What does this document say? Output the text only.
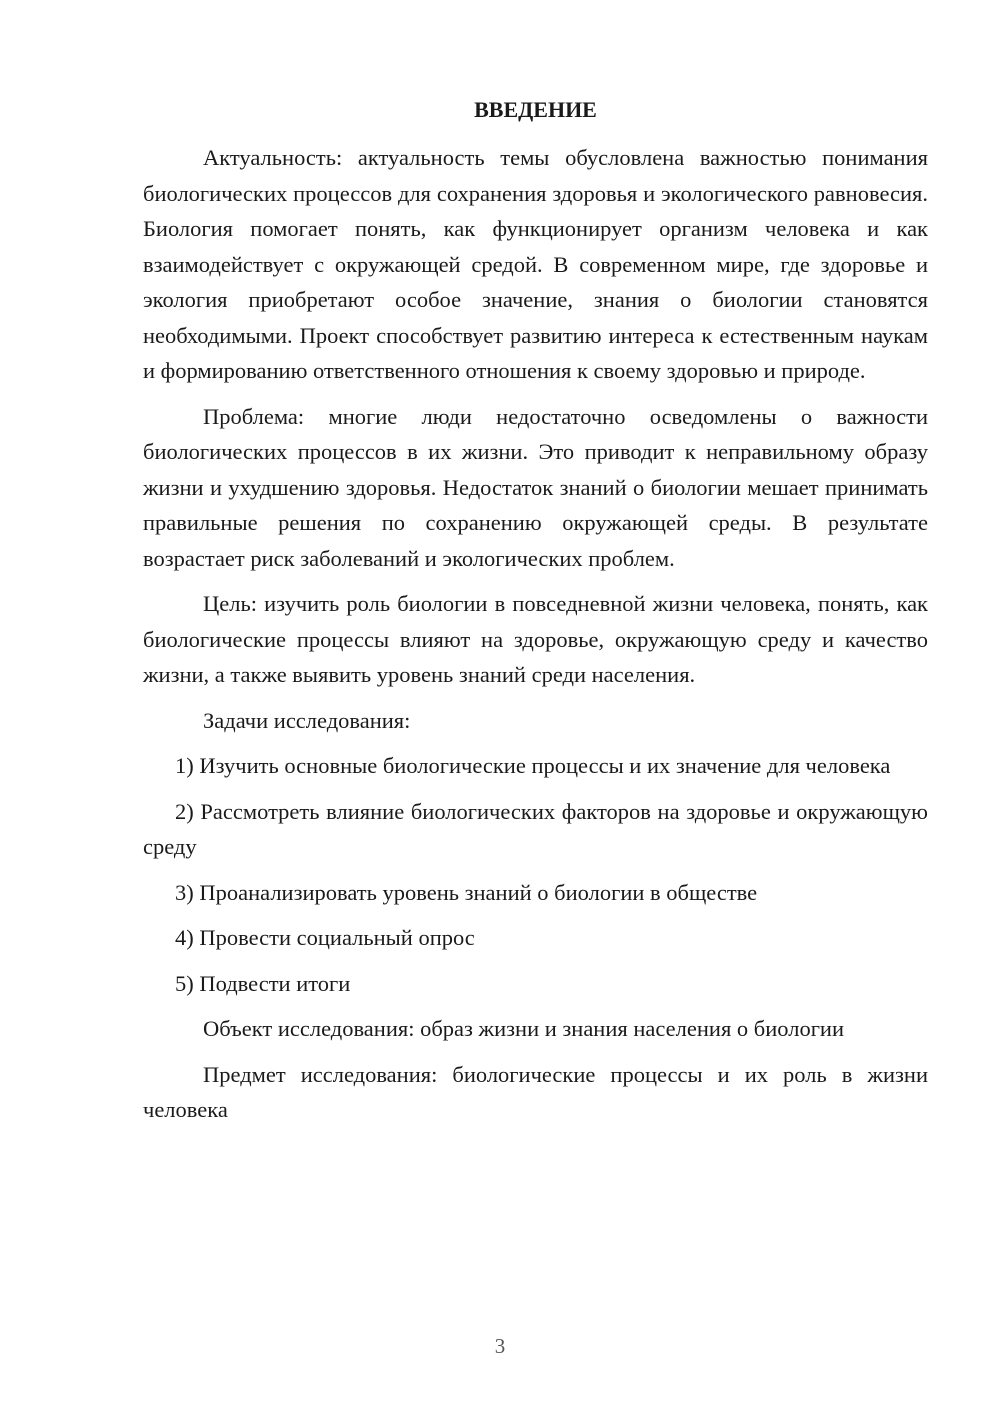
ВВЕДЕНИЕ

Актуальность: актуальность темы обусловлена важностью понимания биологических процессов для сохранения здоровья и экологического равновесия. Биология помогает понять, как функционирует организм человека и как взаимодействует с окружающей средой. В современном мире, где здоровье и экология приобретают особое значение, знания о биологии становятся необходимыми. Проект способствует развитию интереса к естественным наукам и формированию ответственного отношения к своему здоровью и природе.

Проблема: многие люди недостаточно осведомлены о важности биологических процессов в их жизни. Это приводит к неправильному образу жизни и ухудшению здоровья. Недостаток знаний о биологии мешает принимать правильные решения по сохранению окружающей среды. В результате возрастает риск заболеваний и экологических проблем.

Цель: изучить роль биологии в повседневной жизни человека, понять, как биологические процессы влияют на здоровье, окружающую среду и качество жизни, а также выявить уровень знаний среди населения.

Задачи исследования:

1) Изучить основные биологические процессы и их значение для человека

2) Рассмотреть влияние биологических факторов на здоровье и окружающую среду

3) Проанализировать уровень знаний о биологии в обществе

4) Провести социальный опрос

5) Подвести итоги

Объект исследования: образ жизни и знания населения о биологии

Предмет исследования: биологические процессы и их роль в жизни человека

3
